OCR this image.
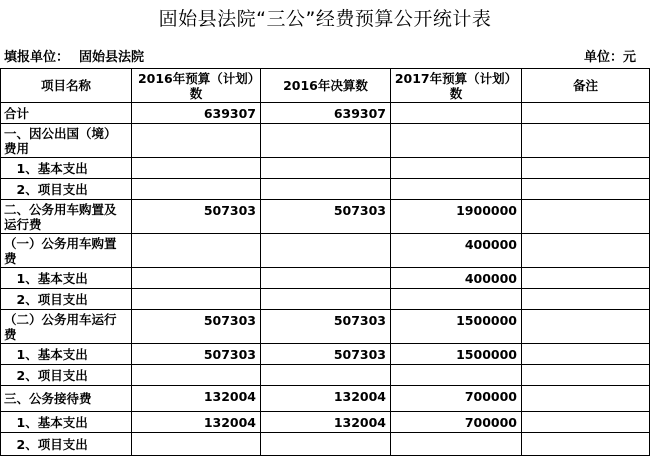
固始县法院“三公”经费预算公开统计表
填报单位： 固始县法院	单位：元
项目名称	2016年预算（计划）数	2016年决算数	2017年预算（计划）数	备注
合计	639307	639307		
一、因公出国（境）费用				
　1、基本支出				
　2、项目支出				
二、公务用车购置及运行费	507303	507303	1900000	
（一）公务用车购置费			400000	
　1、基本支出			400000	
　2、项目支出				
（二）公务用车运行费	507303	507303	1500000	
　1、基本支出	507303	507303	1500000	
　2、项目支出				
三、公务接待费	132004	132004	700000	
　1、基本支出	132004	132004	700000	
　2、项目支出				
